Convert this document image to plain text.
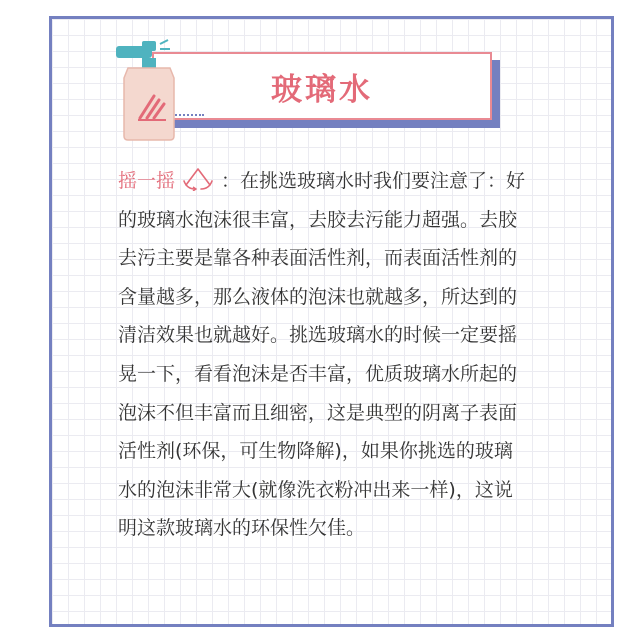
玻璃水
摇一摇 ：在挑选玻璃水时我们要注意了：好的玻璃水泡沫很丰富，去胶去污能力超强。去胶去污主要是靠各种表面活性剂，而表面活性剂的含量越多，那么液体的泡沫也就越多，所达到的清洁效果也就越好。挑选玻璃水的时候一定要摇晃一下，看看泡沫是否丰富，优质玻璃水所起的泡沫不但丰富而且细密，这是典型的阴离子表面活性剂(环保，可生物降解)，如果你挑选的玻璃水的泡沫非常大(就像洗衣粉冲出来一样)，这说明这款玻璃水的环保性欠佳。
